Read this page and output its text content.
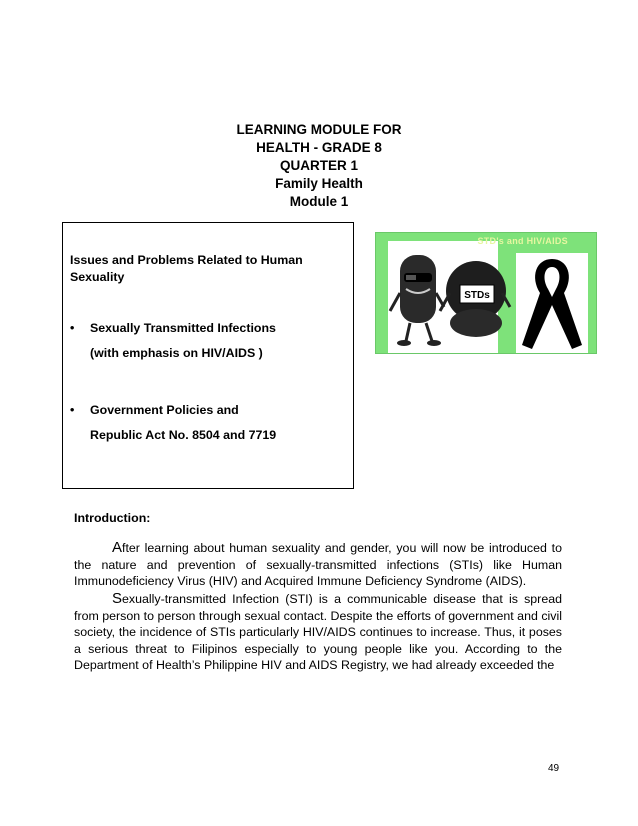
LEARNING MODULE FOR
HEALTH - GRADE 8
QUARTER 1
Family Health
Module 1
Issues and Problems Related to Human
Sexuality
• Sexually Transmitted Infections
(with emphasis on HIV/AIDS )
• Government Policies and
Republic Act No. 8504 and 7719
STDs
STD's and HIV/AIDS
Introduction:
After learning about human sexuality and gender, you will now be introduced to the nature and prevention of sexually-transmitted infections (STIs) like Human Immunodeficiency Virus (HIV) and Acquired Immune Deficiency Syndrome (AIDS).
Sexually-transmitted Infection (STI) is a communicable disease that is spread from person to person through sexual contact. Despite the efforts of government and civil society, the incidence of STIs particularly HIV/AIDS continues to increase. Thus, it poses a serious threat to Filipinos especially to young people like you. According to the Department of Health’s Philippine HIV and AIDS Registry, we had already exceeded the
49
